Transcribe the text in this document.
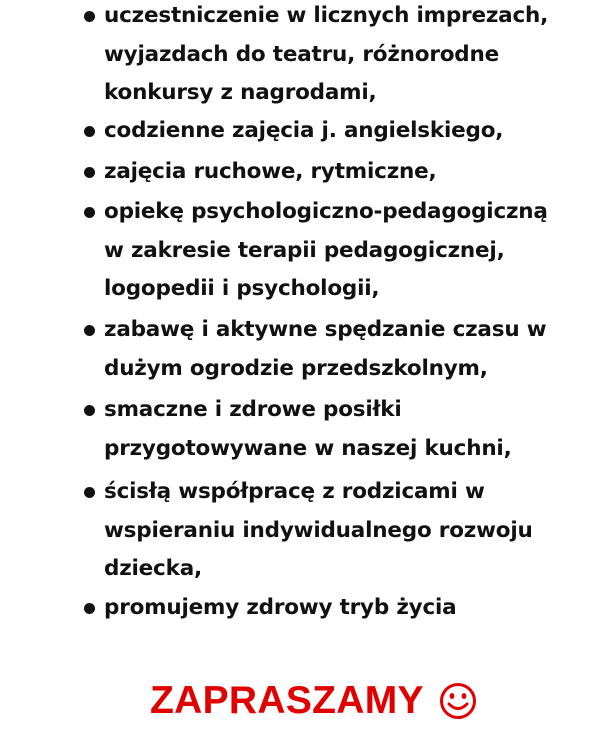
uczestniczenie w licznych imprezach,
wyjazdach do teatru, różnorodne
konkursy z nagrodami,
codzienne zajęcia j. angielskiego,
zajęcia ruchowe, rytmiczne,
opiekę psychologiczno-pedagogiczną
w zakresie terapii pedagogicznej,
logopedii i psychologii,
zabawę i aktywne spędzanie czasu w
dużym ogrodzie przedszkolnym,
smaczne i zdrowe posiłki
przygotowywane w naszej kuchni,
ścisłą współpracę z rodzicami w
wspieraniu indywidualnego rozwoju
dziecka,
promujemy zdrowy tryb życia
ZAPRASZAMY
